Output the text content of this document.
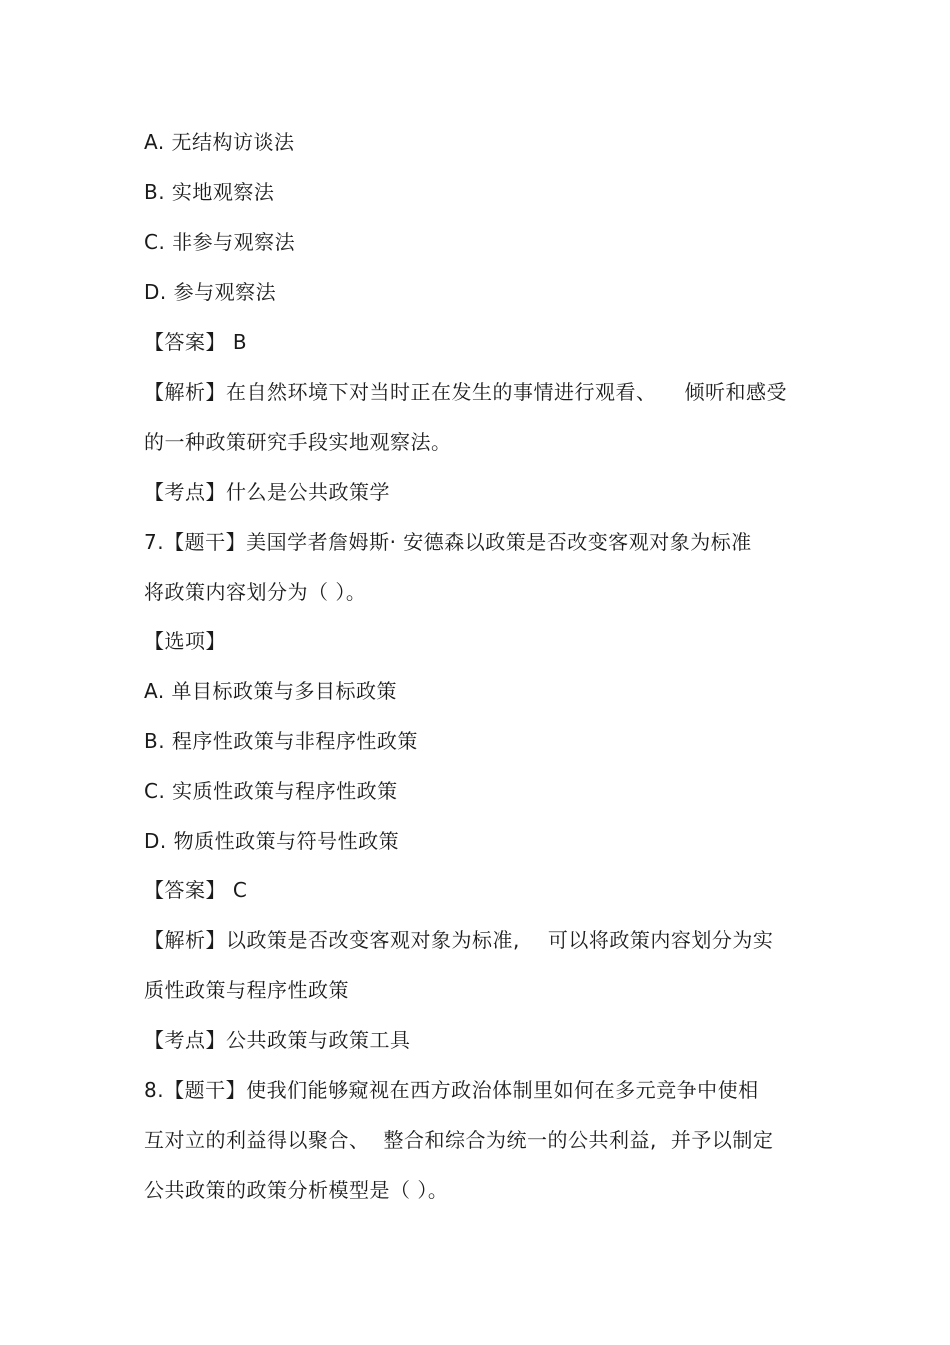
A. 无结构访谈法
B. 实地观察法
C. 非参与观察法
D. 参与观察法
【答案】 B
【解析】在自然环境下对当时正在发生的事情进行观看、 倾听和感受
的一种政策研究手段实地观察法。
【考点】什么是公共政策学
7.【题干】美国学者詹姆斯· 安德森以政策是否改变客观对象为标准
将政策内容划分为（ ）。
【选项】
A. 单目标政策与多目标政策
B. 程序性政策与非程序性政策
C. 实质性政策与程序性政策
D. 物质性政策与符号性政策
【答案】 C
【解析】以政策是否改变客观对象为标准, 可以将政策内容划分为实
质性政策与程序性政策
【考点】公共政策与政策工具
8.【题干】使我们能够窥视在西方政治体制里如何在多元竞争中使相
互对立的利益得以聚合、 整合和综合为统一的公共利益, 并予以制定
公共政策的政策分析模型是（ ）。
